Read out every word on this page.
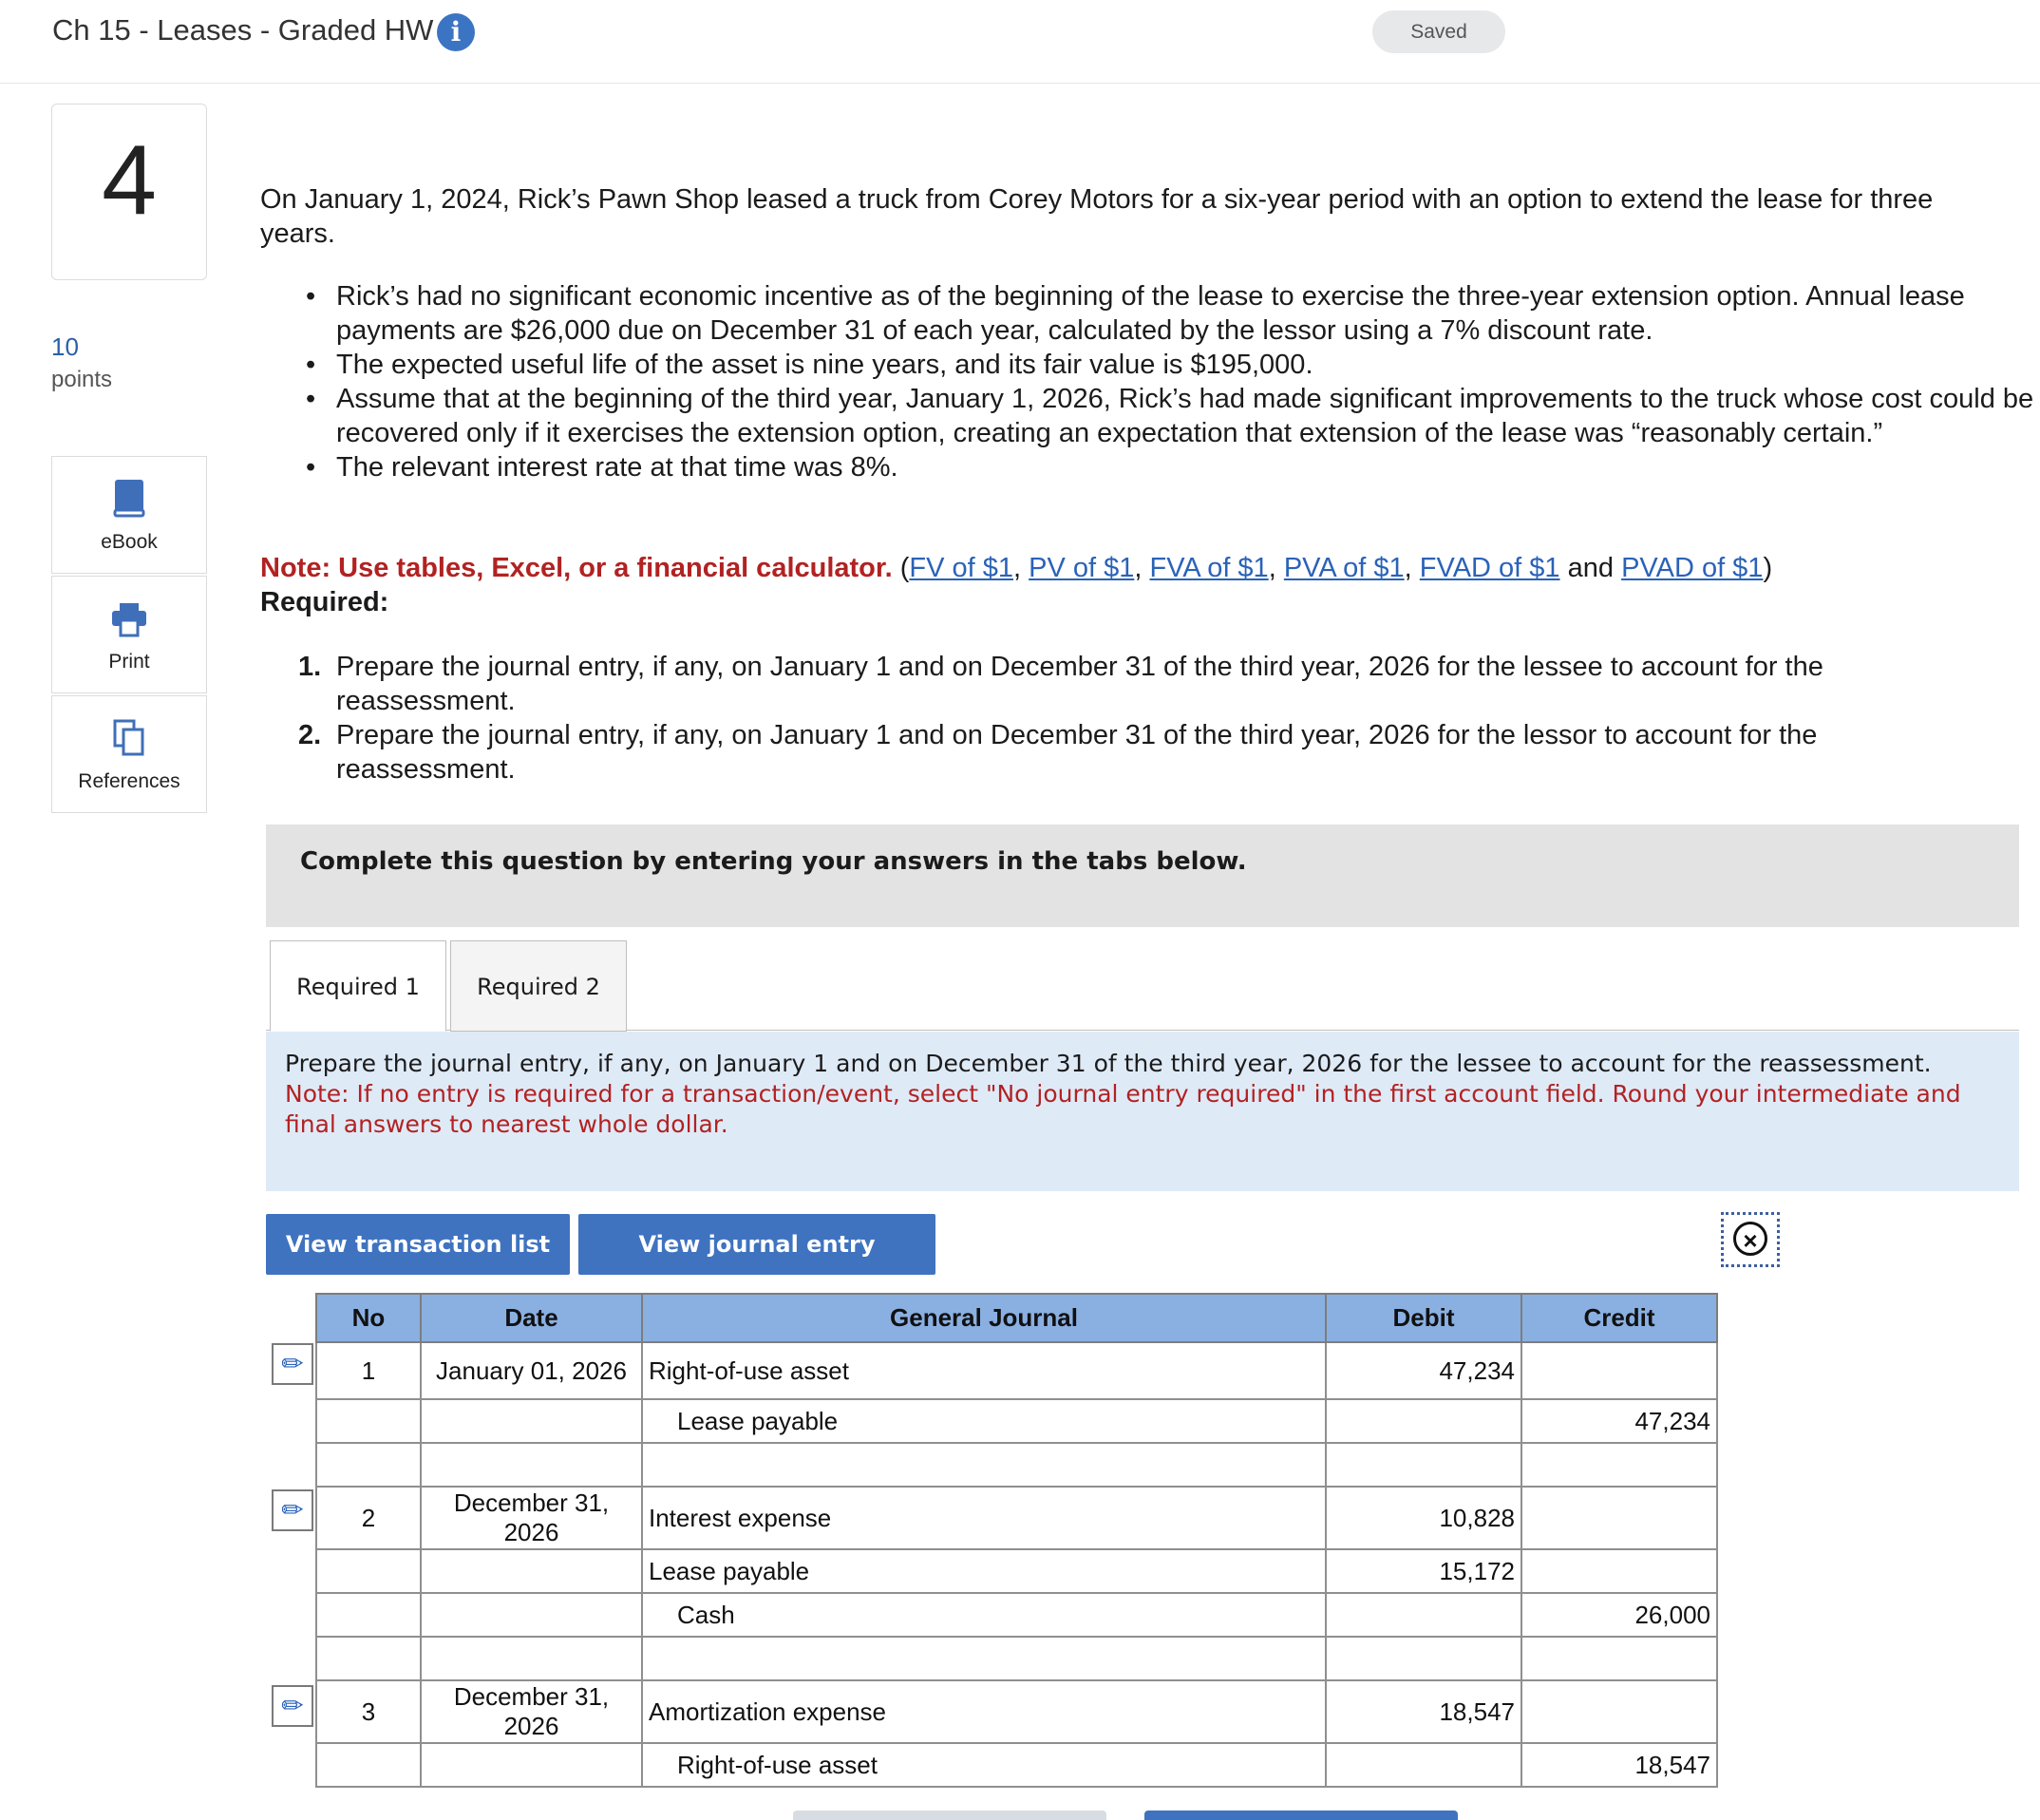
Ch 15 - Leases - Graded HW i	Saved
4
10
points
eBook
Print
References
On January 1, 2024, Rick’s Pawn Shop leased a truck from Corey Motors for a six-year period with an option to extend the lease for three years.
• Rick’s had no significant economic incentive as of the beginning of the lease to exercise the three-year extension option. Annual lease payments are $26,000 due on December 31 of each year, calculated by the lessor using a 7% discount rate.
• The expected useful life of the asset is nine years, and its fair value is $195,000.
• Assume that at the beginning of the third year, January 1, 2026, Rick’s had made significant improvements to the truck whose cost could be recovered only if it exercises the extension option, creating an expectation that extension of the lease was “reasonably certain.”
• The relevant interest rate at that time was 8%.
Note: Use tables, Excel, or a financial calculator. (FV of $1, PV of $1, FVA of $1, PVA of $1, FVAD of $1 and PVAD of $1)
Required:
1. Prepare the journal entry, if any, on January 1 and on December 31 of the third year, 2026 for the lessee to account for the reassessment.
2. Prepare the journal entry, if any, on January 1 and on December 31 of the third year, 2026 for the lessor to account for the reassessment.
Complete this question by entering your answers in the tabs below.
Required 1	Required 2
Prepare the journal entry, if any, on January 1 and on December 31 of the third year, 2026 for the lessee to account for the reassessment.
Note: If no entry is required for a transaction/event, select "No journal entry required" in the first account field. Round your intermediate and final answers to nearest whole dollar.
View transaction list	View journal entry	×
✏
✏
✏
No	Date	General Journal	Debit	Credit
1	January 01, 2026	Right-of-use asset	47,234	
		Lease payable		47,234

2	December 31, 2026	Interest expense	10,828	
		Lease payable	15,172	
		Cash		26,000

3	December 31, 2026	Amortization expense	18,547	
		Right-of-use asset		18,547
